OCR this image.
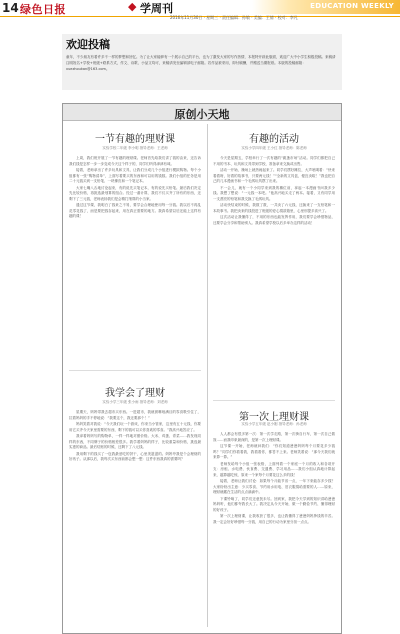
14 绿色日报	◆ 学周刊	EDUCATION WEEKLY
2016年11月30日 · 星期三 · 责任编辑：孙敏 · 美编：王倩 · 校对：李凡
欢迎投稿
童年，不少朋友有着许多不一样的梦想和回忆。为了让大家能够有一个展示自己的平台，也为了激发大家的写作热情，本报特开辟此版面，欢迎广大中小学生积极投稿。来稿请注明姓名+学校+班级+联系方式，作文、诗歌、小品文均可，来稿请发至编辑部电子邮箱。若作品被采用，即付稿酬，并赠送当期报纸。本版的投稿邮箱：xuezhoukan@163.com。
原创小天地
一节有趣的理财课
实验学校二年级 李小明 指导老师：王老师

上周，我们班开展了一节有趣的理财课。老师首先给我们讲了钱的由来，还告诉我们钱是怎样一步一步变成今天这个样子的，同学们听得津津有味。

接着，老师拿出了许多玩具和文具，让我们分成几个小组进行模拟购物。每个小组都有一张“购物清单”，上面写着要买的东西和可以用的钱数。我们小组的任务是用二十元钱买到一支铅笔、一块橡皮和一个笔记本。

大家七嘴八舌地讨论起来，有的说先买笔记本，有的说先买铅笔。最后我们决定先比较价格，再挑选最划算的组合。经过一番计算，我们不仅买齐了所有的东西，还剩下了三元钱，老师表扬我们是会精打细算的小当家。

通过这节课，我明白了钱来之不易，要学会合理地使用每一分钱。我以后不再乱花零花钱了，而是要把钱存起来，用在真正需要的地方。我真希望以后还能上这样有趣的课！

我学会了理财
实验小学三年级 张小雨 指导老师：刘老师

星期天，妈妈带我去超市买东西。一进超市，我就被琳琅满目的零食吸引住了，拉着妈妈的手不停地说：“我要这个，我还要那个！”

妈妈笑着对我说：“今天我们玩一个游戏，你来当小管家，这里有五十元钱，你要用它买齐今天家里需要的东西，剩下的钱可以买你喜欢的零食。”我高兴地答应了。

我拿着妈妈写的购物单，一样一样地对照价格。大米、鸡蛋、青菜……我发现同样的东西，不同牌子的价格相差很多。我学着妈妈的样子，比较重量和价格，挑选最实惠的商品。最后结账的时候，还剩下了八元钱。

我用剩下的钱买了一包我最爱吃的饼干，心里美滋滋的。妈妈夸我是个会理财的好孩子。从那以后，我每次买东西前都会想一想：这件东西我真的需要吗？

有趣的活动
实验小学四年级 王小红 指导老师：陈老师

今天是星期五，学校举行了一次有趣的“跳蚤市场”活动。同学们都把自己不用的书本、玩具和文具带到学校，准备拿来交换或出售。

活动一开始，操场上就热闹起来了。同学们摆好摊位，大声吆喝着：“快来看看呀，好看的故事书，只要两元钱！”“全新的文具盒，便宜卖啦！”我也把自己的几本漫画书和一个毛绒玩具摆了出来。

不一会儿，就有一个小同学来到我的摊位前，拿起一本漫画书问我多少钱。我想了想说：“一元钱一本吧。”他高兴地买走了两本。接着，又有同学用一支漂亮的铅笔和我交换了毛绒玩具。

活动快结束的时候，我数了数，一共卖了六元钱，还换来了一支铅笔和一本故事书。我把卖来的钱投进了班级的爱心捐款箱里，心里别提多高兴了。

这次活动让我懂得了，不用的东西也能发挥作用，我们要学会珍惜物品，还要学会分享和帮助别人。我真希望学校以后多举办这样的活动！

第一次上理财课
实验小学五年级 赵小刚 指导老师：孙老师

人人都会有很多第一次：第一次学走路，第一次骑自行车，第一次自己做饭……而我印象最深的，是第一次上理财课。

这节课一开始，老师就问我们：“你们知道爸爸妈妈每个月要花多少钱吗？”同学们你看看我，我看看你，都答不上来。老师笑着说：“那今天我们就来算一算。”

老师发给每个小组一张表格，上面列着一个家庭一个月的收入和各项开支：房租、水电费、伙食费、交通费、学习用品……我们小组认真地计算起来，越算越吃惊，原来一个家每个月要花这么多的钱！

接着，老师让我们讨论：如果每个月能节省一点，一年下来能存多少钱？大家纷纷出主意：少买零食、节约用水用电、旧衣服捐给需要的人……原来，理财就藏在生活的点点滴滴中。

下课铃响了，同学们还意犹未尽。回到家，我把今天学到的知识讲给爸爸妈妈听，他们都夸我长大了。我决定从今天开始，做一个勤俭节约、懂得理财的好孩子。

第一次上理财课，让我收获了很多，也让我懂得了爸爸妈妈挣钱的辛苦。我一定会好好珍惜每一分钱，用自己的行动为家里分担一点点。
